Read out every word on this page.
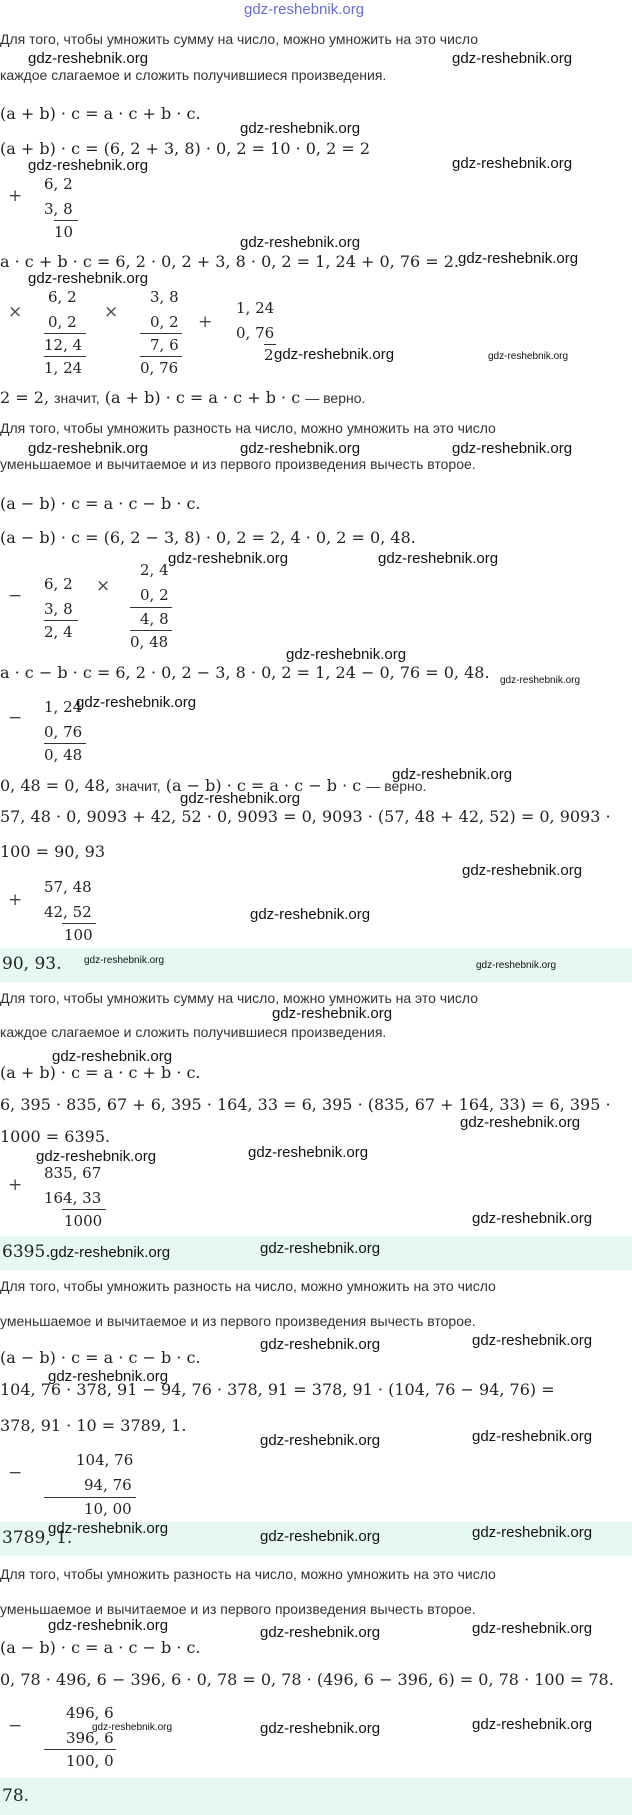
gdz-reshebnik.org
Для того, чтобы умножить сумму на число, можно умножить на это число
каждое слагаемое и сложить получившиеся произведения.
(a + b) · c = a · c + b · c.
(a + b) · c = (6, 2 + 3, 8) · 0, 2 = 10 · 0, 2 = 2
+
6, 2
3, 8
10
a · c + b · c = 6, 2 · 0, 2 + 3, 8 · 0, 2 = 1, 24 + 0, 76 = 2.
×
6, 2
0, 2
12, 4
1, 24
×
3, 8
0, 2
7, 6
0, 76
+
1, 24
0, 76
2
2 = 2, значит, (a + b) · c = a · c + b · c — верно.
Для того, чтобы умножить разность на число, можно умножить на это число
уменьшаемое и вычитаемое и из первого произведения вычесть второе.
(a − b) · c = a · c − b · c.
(a − b) · c = (6, 2 − 3, 8) · 0, 2 = 2, 4 · 0, 2 = 0, 48.
−
6, 2
3, 8
2, 4
×
2, 4
0, 2
4, 8
0, 48
a · c − b · c = 6, 2 · 0, 2 − 3, 8 · 0, 2 = 1, 24 − 0, 76 = 0, 48.
−
1, 24
0, 76
0, 48
0, 48 = 0, 48, значит, (a − b) · c = a · c − b · c — верно.
57, 48 · 0, 9093 + 42, 52 · 0, 9093 = 0, 9093 · (57, 48 + 42, 52) = 0, 9093 ·
100 = 90, 93
+
57, 48
42, 52
100
90, 93.
Для того, чтобы умножить сумму на число, можно умножить на это число
каждое слагаемое и сложить получившиеся произведения.
(a + b) · c = a · c + b · c.
6, 395 · 835, 67 + 6, 395 · 164, 33 = 6, 395 · (835, 67 + 164, 33) = 6, 395 ·
1000 = 6395.
+
835, 67
164, 33
1000
6395.
Для того, чтобы умножить разность на число, можно умножить на это число
уменьшаемое и вычитаемое и из первого произведения вычесть второе.
(a − b) · c = a · c − b · c.
104, 76 · 378, 91 − 94, 76 · 378, 91 = 378, 91 · (104, 76 − 94, 76) =
378, 91 · 10 = 3789, 1.
−
104, 76
94, 76
10, 00
3789, 1.
Для того, чтобы умножить разность на число, можно умножить на это число
уменьшаемое и вычитаемое и из первого произведения вычесть второе.
(a − b) · c = a · c − b · c.
0, 78 · 496, 6 − 396, 6 · 0, 78 = 0, 78 · (496, 6 − 396, 6) = 0, 78 · 100 = 78.
−
496, 6
396, 6
100, 0
78.
gdz-reshebnik.org	gdz-reshebnik.org
gdz-reshebnik.org
gdz-reshebnik.org	gdz-reshebnik.org
gdz-reshebnik.org
gdz-reshebnik.org
gdz-reshebnik.org
gdz-reshebnik.org	gdz-reshebnik.org
gdz-reshebnik.org	gdz-reshebnik.org	gdz-reshebnik.org
gdz-reshebnik.org	gdz-reshebnik.org
gdz-reshebnik.org
gdz-reshebnik.org
gdz-reshebnik.org
gdz-reshebnik.org
gdz-reshebnik.org
gdz-reshebnik.org
gdz-reshebnik.org
gdz-reshebnik.org	gdz-reshebnik.org
gdz-reshebnik.org
gdz-reshebnik.org
gdz-reshebnik.org
gdz-reshebnik.org	gdz-reshebnik.org
gdz-reshebnik.org
gdz-reshebnik.org	gdz-reshebnik.org
gdz-reshebnik.org	gdz-reshebnik.org
gdz-reshebnik.org
gdz-reshebnik.org	gdz-reshebnik.org
gdz-reshebnik.org	gdz-reshebnik.org	gdz-reshebnik.org
gdz-reshebnik.org	gdz-reshebnik.org	gdz-reshebnik.org
gdz-reshebnik.org	gdz-reshebnik.org	gdz-reshebnik.org
